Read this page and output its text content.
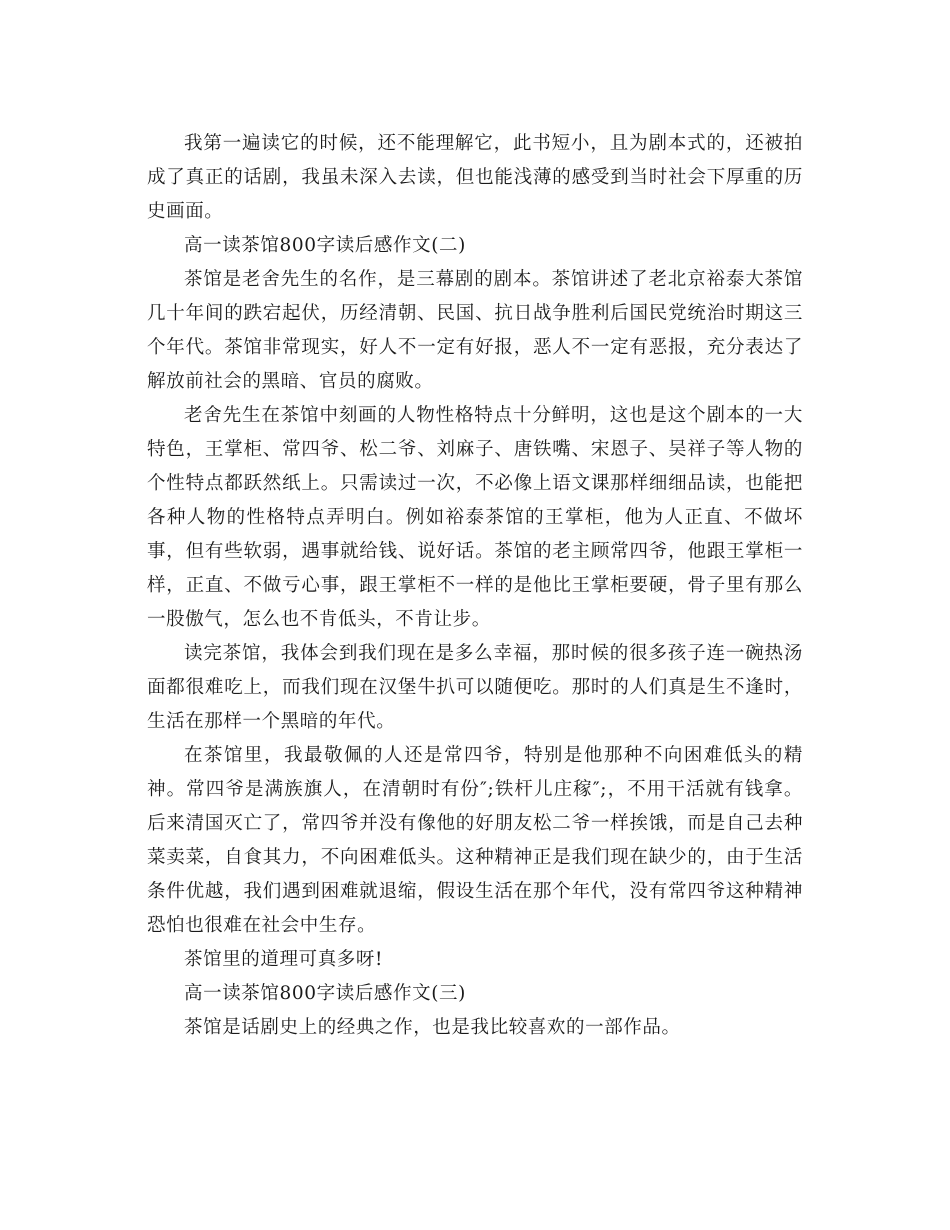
我第一遍读它的时候，还不能理解它，此书短小，且为剧本式的，还被拍成了真正的话剧，我虽未深入去读，但也能浅薄的感受到当时社会下厚重的历史画面。

高一读茶馆800字读后感作文(二)

茶馆是老舍先生的名作，是三幕剧的剧本。茶馆讲述了老北京裕泰大茶馆几十年间的跌宕起伏，历经清朝、民国、抗日战争胜利后国民党统治时期这三个年代。茶馆非常现实，好人不一定有好报，恶人不一定有恶报，充分表达了解放前社会的黑暗、官员的腐败。

老舍先生在茶馆中刻画的人物性格特点十分鲜明，这也是这个剧本的一大特色，王掌柜、常四爷、松二爷、刘麻子、唐铁嘴、宋恩子、吴祥子等人物的个性特点都跃然纸上。只需读过一次，不必像上语文课那样细细品读，也能把各种人物的性格特点弄明白。例如裕泰茶馆的王掌柜，他为人正直、不做坏事，但有些软弱，遇事就给钱、说好话。茶馆的老主顾常四爷，他跟王掌柜一样，正直、不做亏心事，跟王掌柜不一样的是他比王掌柜要硬，骨子里有那么一股傲气，怎么也不肯低头，不肯让步。

读完茶馆，我体会到我们现在是多么幸福，那时候的很多孩子连一碗热汤面都很难吃上，而我们现在汉堡牛扒可以随便吃。那时的人们真是生不逢时，生活在那样一个黑暗的年代。

在茶馆里，我最敬佩的人还是常四爷，特别是他那种不向困难低头的精神。常四爷是满族旗人，在清朝时有份″;铁杆儿庄稼″;，不用干活就有钱拿。后来清国灭亡了，常四爷并没有像他的好朋友松二爷一样挨饿，而是自己去种菜卖菜，自食其力，不向困难低头。这种精神正是我们现在缺少的，由于生活条件优越，我们遇到困难就退缩，假设生活在那个年代，没有常四爷这种精神恐怕也很难在社会中生存。

茶馆里的道理可真多呀!

高一读茶馆800字读后感作文(三)

茶馆是话剧史上的经典之作，也是我比较喜欢的一部作品。
